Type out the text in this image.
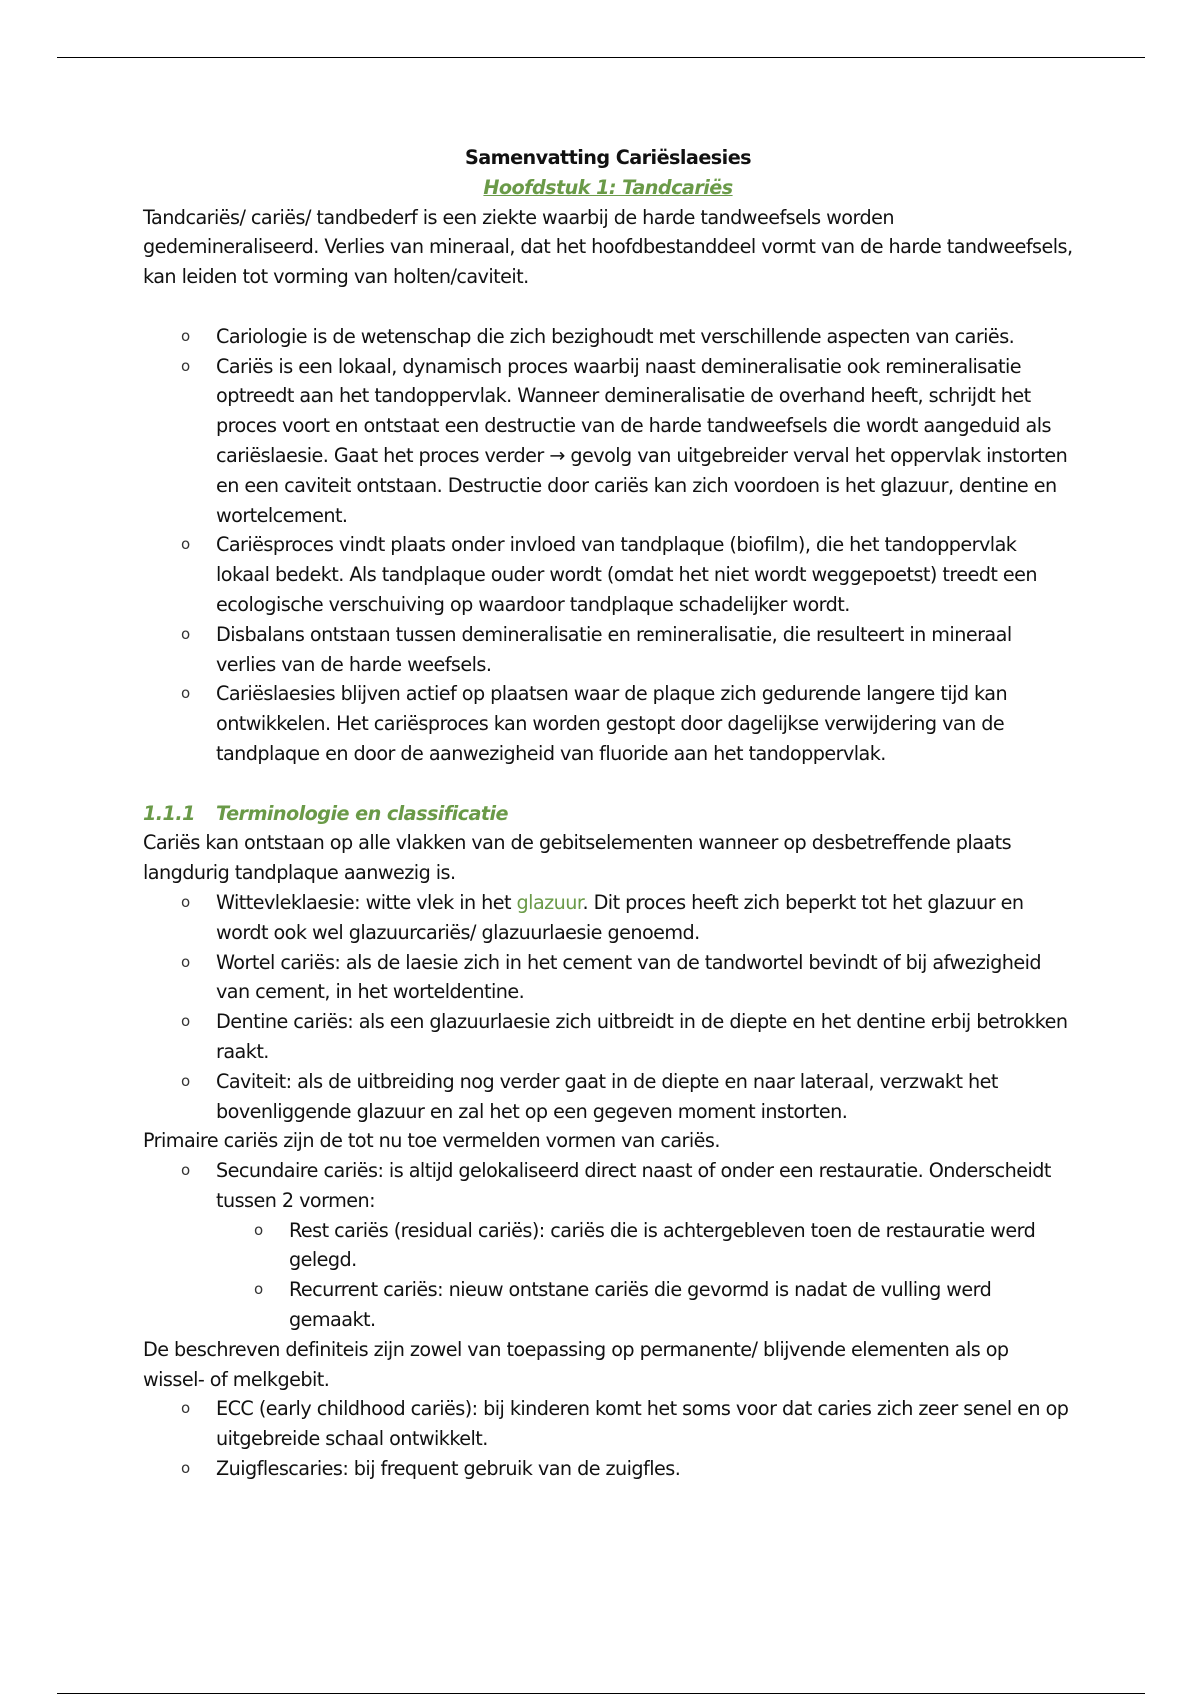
Samenvatting Cariëslaesies

Hoofdstuk 1: Tandcariës

Tandcariës/ cariës/ tandbederf is een ziekte waarbij de harde tandweefsels worden gedemineraliseerd. Verlies van mineraal, dat het hoofdbestanddeel vormt van de harde tandweefsels, kan leiden tot vorming van holten/caviteit.

o Cariologie is de wetenschap die zich bezighoudt met verschillende aspecten van cariës.
o Cariës is een lokaal, dynamisch proces waarbij naast demineralisatie ook remineralisatie optreedt aan het tandoppervlak. Wanneer demineralisatie de overhand heeft, schrijdt het proces voort en ontstaat een destructie van de harde tandweefsels die wordt aangeduid als cariëslaesie. Gaat het proces verder → gevolg van uitgebreider verval het oppervlak instorten en een caviteit ontstaan. Destructie door cariës kan zich voordoen is het glazuur, dentine en wortelcement.
o Cariësproces vindt plaats onder invloed van tandplaque (biofilm), die het tandoppervlak lokaal bedekt. Als tandplaque ouder wordt (omdat het niet wordt weggepoetst) treedt een ecologische verschuiving op waardoor tandplaque schadelijker wordt.
o Disbalans ontstaan tussen demineralisatie en remineralisatie, die resulteert in mineraal verlies van de harde weefsels.
o Cariëslaesies blijven actief op plaatsen waar de plaque zich gedurende langere tijd kan ontwikkelen. Het cariësproces kan worden gestopt door dagelijkse verwijdering van de tandplaque en door de aanwezigheid van fluoride aan het tandoppervlak.

1.1.1 Terminologie en classificatie

Cariës kan ontstaan op alle vlakken van de gebitselementen wanneer op desbetreffende plaats langdurig tandplaque aanwezig is.

o Wittevleklaesie: witte vlek in het glazuur. Dit proces heeft zich beperkt tot het glazuur en wordt ook wel glazuurcariës/ glazuurlaesie genoemd.
o Wortel cariës: als de laesie zich in het cement van de tandwortel bevindt of bij afwezigheid van cement, in het worteldentine.
o Dentine cariës: als een glazuurlaesie zich uitbreidt in de diepte en het dentine erbij betrokken raakt.
o Caviteit: als de uitbreiding nog verder gaat in de diepte en naar lateraal, verzwakt het bovenliggende glazuur en zal het op een gegeven moment instorten.

Primaire cariës zijn de tot nu toe vermelden vormen van cariës.

o Secundaire cariës: is altijd gelokaliseerd direct naast of onder een restauratie. Onderscheidt tussen 2 vormen:
o Rest cariës (residual cariës): cariës die is achtergebleven toen de restauratie werd gelegd.
o Recurrent cariës: nieuw ontstane cariës die gevormd is nadat de vulling werd gemaakt.

De beschreven definiteis zijn zowel van toepassing op permanente/ blijvende elementen als op wissel- of melkgebit.

o ECC (early childhood cariës): bij kinderen komt het soms voor dat caries zich zeer senel en op uitgebreide schaal ontwikkelt.
o Zuigflescaries: bij frequent gebruik van de zuigfles.
